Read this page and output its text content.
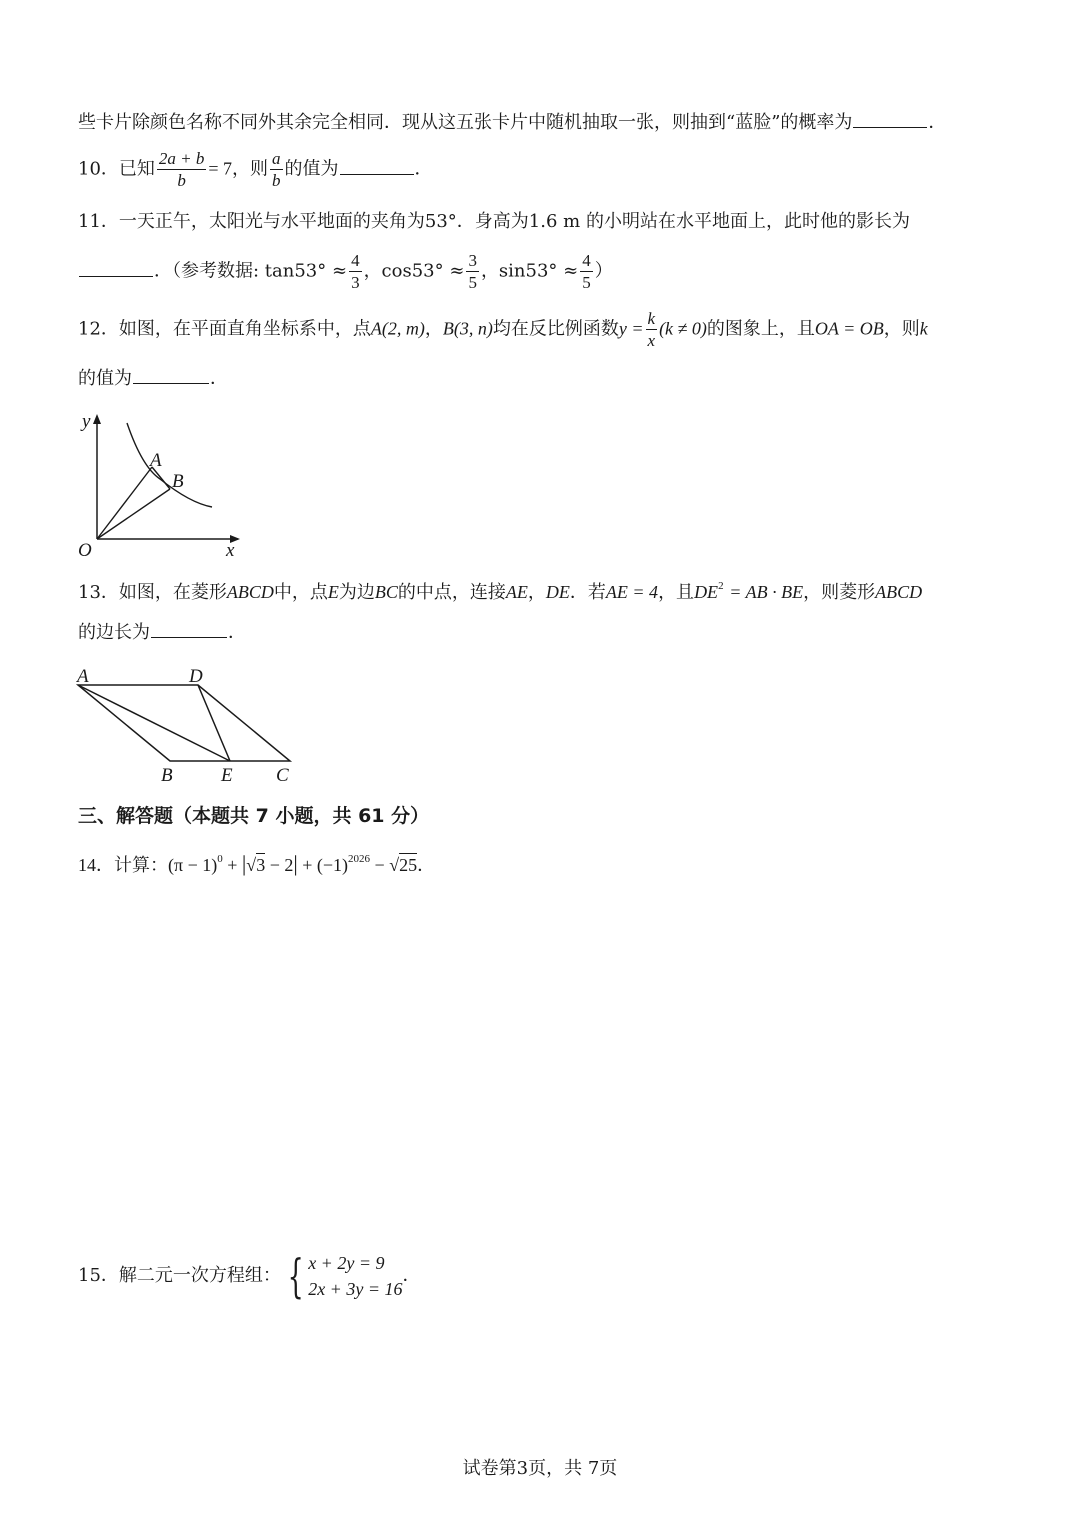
些卡片除颜色名称不同外其余完全相同．现从这五张卡片中随机抽取一张，则抽到“蓝脸”的概率为	．
10．已知 $\frac{2a + b}{b} = 7$，则 $\frac{a}{b}$ 的值为	．
11．一天正午，太阳光与水平地面的夹角为53°．身高为1.6 m 的小明站在水平地面上，此时他的影长为
．（参考数据: $\tan 53^\circ \approx \frac{4}{3}$ ，$\cos 53^\circ \approx \frac{3}{5}$ ，$\sin 53^\circ \approx \frac{4}{5}$ ）
12．如图，在平面直角坐标系中，点A(2, m)，B(3, n)均在反比例函数$y = \frac{k}{x} (k \ne 0)$的图象上，且OA = OB，则k
的值为	．
y
x
O
A
B
13．如图，在菱形ABCD中，点E为边BC的中点，连接AE，DE．若AE = 4，且$DE^2$ = AB · BE，则菱形ABCD
的边长为	．
A	D
B	E C
三、解答题（本题共 7 小题，共 61 分）
14．计算：$(\pi - 1)^0 + |√3 - 2| + (-1)^{2026} - √25$．
15．解二元一次方程组： { x + 2y = 9
2x + 3y = 16
．
试卷第3页，共 7页
